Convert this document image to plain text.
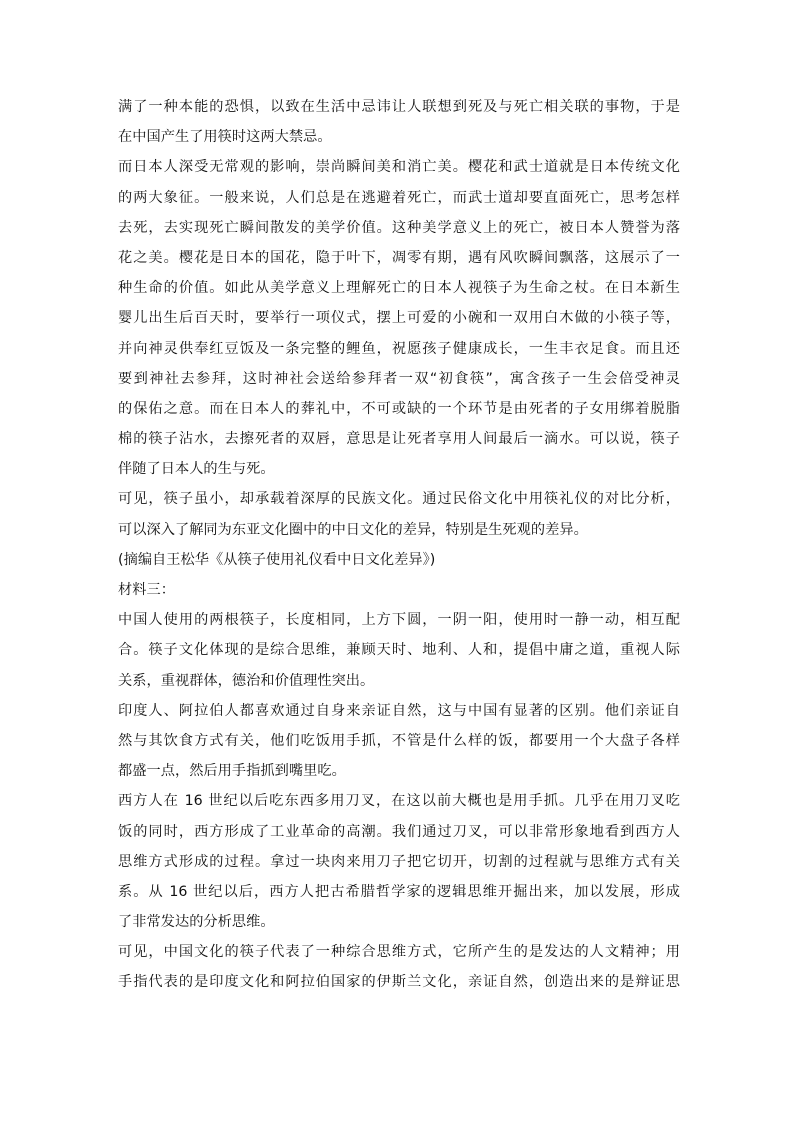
满了一种本能的恐惧，以致在生活中忌讳让人联想到死及与死亡相关联的事物，于是
在中国产生了用筷时这两大禁忌。
而日本人深受无常观的影响，崇尚瞬间美和消亡美。樱花和武士道就是日本传统文化
的两大象征。一般来说，人们总是在逃避着死亡，而武士道却要直面死亡，思考怎样
去死，去实现死亡瞬间散发的美学价值。这种美学意义上的死亡，被日本人赞誉为落
花之美。樱花是日本的国花，隐于叶下，凋零有期，遇有风吹瞬间飘落，这展示了一
种生命的价值。如此从美学意义上理解死亡的日本人视筷子为生命之杖。在日本新生
婴儿出生后百天时，要举行一项仪式，摆上可爱的小碗和一双用白木做的小筷子等，
并向神灵供奉红豆饭及一条完整的鲤鱼，祝愿孩子健康成长，一生丰衣足食。而且还
要到神社去参拜，这时神社会送给参拜者一双“初食筷”，寓含孩子一生会倍受神灵
的保佑之意。而在日本人的葬礼中，不可或缺的一个环节是由死者的子女用绑着脱脂
棉的筷子沾水，去擦死者的双唇，意思是让死者享用人间最后一滴水。可以说，筷子
伴随了日本人的生与死。
可见，筷子虽小，却承载着深厚的民族文化。通过民俗文化中用筷礼仪的对比分析，
可以深入了解同为东亚文化圈中的中日文化的差异，特别是生死观的差异。
(摘编自王松华《从筷子使用礼仪看中日文化差异》)
材料三：
中国人使用的两根筷子，长度相同，上方下圆，一阴一阳，使用时一静一动，相互配
合。筷子文化体现的是综合思维，兼顾天时、地利、人和，提倡中庸之道，重视人际
关系，重视群体，德治和价值理性突出。
印度人、阿拉伯人都喜欢通过自身来亲证自然，这与中国有显著的区别。他们亲证自
然与其饮食方式有关，他们吃饭用手抓，不管是什么样的饭，都要用一个大盘子各样
都盛一点，然后用手指抓到嘴里吃。
西方人在 16 世纪以后吃东西多用刀叉，在这以前大概也是用手抓。几乎在用刀叉吃
饭的同时，西方形成了工业革命的高潮。我们通过刀叉，可以非常形象地看到西方人
思维方式形成的过程。拿过一块肉来用刀子把它切开，切割的过程就与思维方式有关
系。从 16 世纪以后，西方人把古希腊哲学家的逻辑思维开掘出来，加以发展，形成
了非常发达的分析思维。
可见，中国文化的筷子代表了一种综合思维方式，它所产生的是发达的人文精神；用
手指代表的是印度文化和阿拉伯国家的伊斯兰文化，亲证自然，创造出来的是辩证思
